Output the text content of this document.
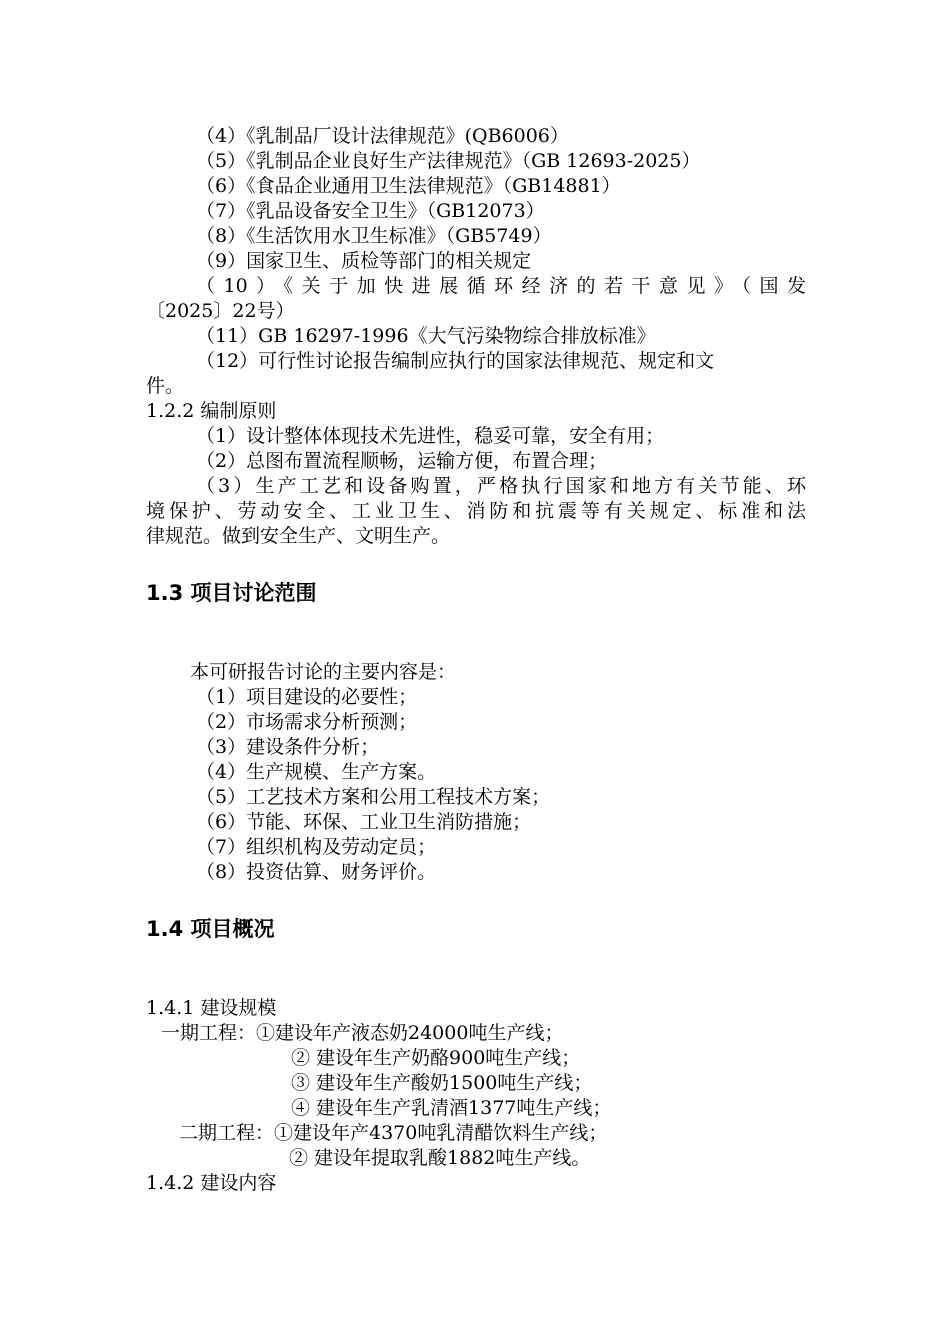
（4）《乳制品厂设计法律规范》(QB6006）
（5）《乳制品企业良好生产法律规范》（GB 12693-2025）
（6）《食品企业通用卫生法律规范》（GB14881）
（7）《乳品设备安全卫生》（GB12073）
（8）《生活饮用水卫生标准》（GB5749）
（9）国家卫生、质检等部门的相关规定
（10）《关于加快进展循环经济的若干意见》（国发
〔2025〕22号）
（11）GB 16297-1996《大气污染物综合排放标准》
（12）可行性讨论报告编制应执行的国家法律规范、规定和文
件。
1.2.2 编制原则
（1）设计整体体现技术先进性，稳妥可靠，安全有用；
（2）总图布置流程顺畅，运输方便，布置合理；
（3）生产工艺和设备购置，严格执行国家和地方有关节能、环
境保护、劳动安全、工业卫生、消防和抗震等有关规定、标准和法
律规范。做到安全生产、文明生产。
1.3 项目讨论范围
本可研报告讨论的主要内容是：
（1）项目建设的必要性；
（2）市场需求分析预测；
（3）建设条件分析；
（4）生产规模、生产方案。
（5）工艺技术方案和公用工程技术方案；
（6）节能、环保、工业卫生消防措施；
（7）组织机构及劳动定员；
（8）投资估算、财务评价。
1.4 项目概况
1.4.1 建设规模
一期工程：①建设年产液态奶24000吨生产线；
② 建设年生产奶酪900吨生产线；
③ 建设年生产酸奶1500吨生产线；
④ 建设年生产乳清酒1377吨生产线；
二期工程：①建设年产4370吨乳清醋饮料生产线；
② 建设年提取乳酸1882吨生产线。
1.4.2 建设内容
